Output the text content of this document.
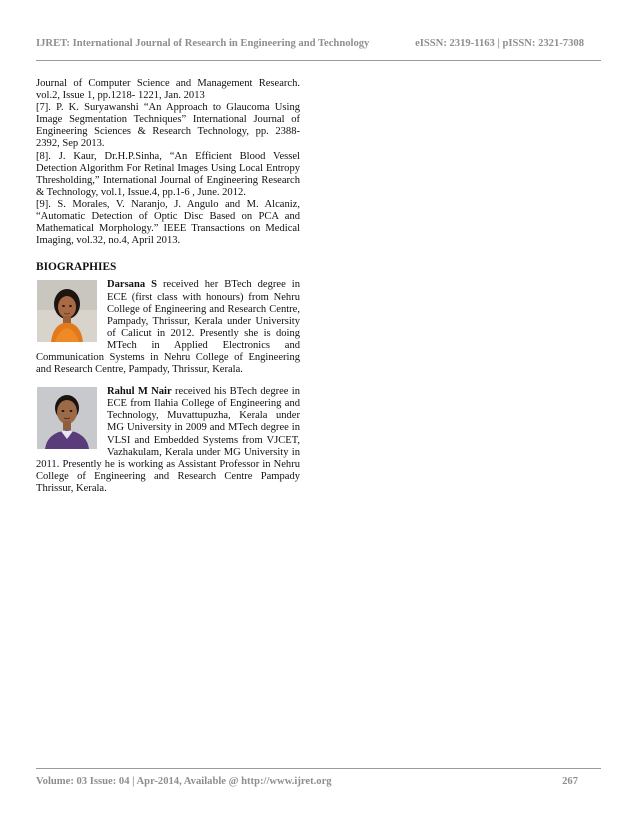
IJRET: International Journal of Research in Engineering and Technology	eISSN: 2319-1163 | pISSN: 2321-7308

Journal of Computer Science and Management Research. vol.2, Issue 1, pp.1218- 1221, Jan. 2013

[7]. P. K. Suryawanshi “An Approach to Glaucoma Using Image Segmentation Techniques” International Journal of Engineering Sciences & Research Technology, pp. 2388-2392, Sep 2013.

[8]. J. Kaur, Dr.H.P.Sinha, “An Efficient Blood Vessel Detection Algorithm For Retinal Images Using Local Entropy Thresholding,” International Journal of Engineering Research & Technology, vol.1, Issue.4, pp.1-6 , June. 2012.

[9]. S. Morales, V. Naranjo, J. Angulo and M. Alcaniz, “Automatic Detection of Optic Disc Based on PCA and Mathematical Morphology.” IEEE Transactions on Medical Imaging, vol.32, no.4, April 2013.

BIOGRAPHIES
Darsana S received her BTech degree in ECE (first class with honours) from Nehru College of Engineering and Research Centre, Pampady, Thrissur, Kerala under University of Calicut in 2012. Presently she is doing MTech in Applied Electronics and Communication Systems in Nehru College of Engineering and Research Centre, Pampady, Thrissur, Kerala.
Rahul M Nair received his BTech degree in ECE from Ilahia College of Engineering and Technology, Muvattupuzha, Kerala under MG University in 2009 and MTech degree in VLSI and Embedded Systems from VJCET, Vazhakulam, Kerala under MG University in 2011. Presently he is working as Assistant Professor in Nehru College of Engineering and Research Centre Pampady Thrissur, Kerala.
Volume: 03 Issue: 04 | Apr-2014, Available @ http://www.ijret.org	267
